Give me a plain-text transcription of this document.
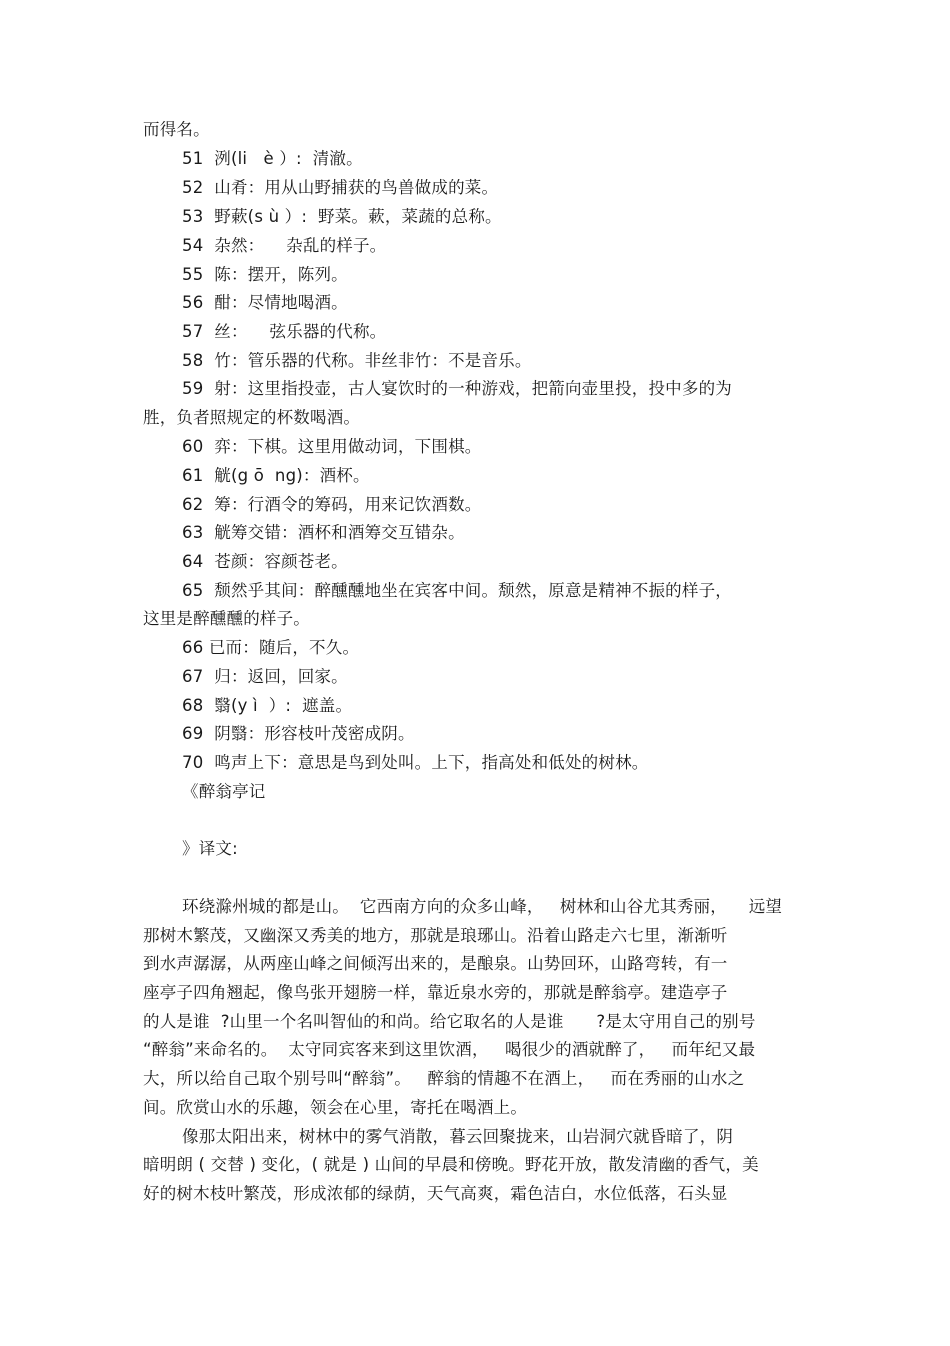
而得名。
51  洌(li   è ）:  清澈。
52  山肴：用从山野捕获的鸟兽做成的菜。
53  野蔌(s ù ）:  野菜。蔌，菜蔬的总称。
54  杂然：    杂乱的样子。
55  陈：摆开，陈列。
56  酣：尽情地喝酒。
57  丝：    弦乐器的代称。
58  竹：管乐器的代称。非丝非竹：不是音乐。
59  射：这里指投壶，古人宴饮时的一种游戏，把箭向壶里投，投中多的为
胜，负者照规定的杯数喝酒。
60  弈：下棋。这里用做动词，下围棋。
61  觥(g ō  ng)：酒杯。
62  筹：行酒令的筹码，用来记饮酒数。
63  觥筹交错：酒杯和酒筹交互错杂。
64  苍颜：容颜苍老。
65  颓然乎其间：醉醺醺地坐在宾客中间。颓然，原意是精神不振的样子，
这里是醉醺醺的样子。
66 已而：随后，不久。
67  归：返回，回家。
68  翳(y ì  ）:  遮盖。
69  阴翳：形容枝叶茂密成阴。
70  鸣声上下：意思是鸟到处叫。上下，指高处和低处的树林。
《醉翁亭记
》译文:
环绕滁州城的都是山。  它西南方向的众多山峰，   树林和山谷尤其秀丽，    远望
那树木繁茂，又幽深又秀美的地方，那就是琅琊山。沿着山路走六七里，渐渐听
到水声潺潺，从两座山峰之间倾泻出来的，是酿泉。山势回环，山路弯转，有一
座亭子四角翘起，像鸟张开翅膀一样，靠近泉水旁的，那就是醉翁亭。建造亭子
的人是谁  ?山里一个名叫智仙的和尚。给它取名的人是谁      ?是太守用自己的别号
“醉翁”来命名的。  太守同宾客来到这里饮酒，   喝很少的酒就醉了，   而年纪又最
大，所以给自己取个别号叫“醉翁”。   醉翁的情趣不在酒上，   而在秀丽的山水之
间。欣赏山水的乐趣，领会在心里，寄托在喝酒上。
像那太阳出来，树林中的雾气消散，暮云回聚拢来，山岩洞穴就昏暗了，阴
暗明朗 ( 交替 ) 变化，( 就是 ) 山间的早晨和傍晚。野花开放，散发清幽的香气，美
好的树木枝叶繁茂，形成浓郁的绿荫，天气高爽，霜色洁白，水位低落，石头显
